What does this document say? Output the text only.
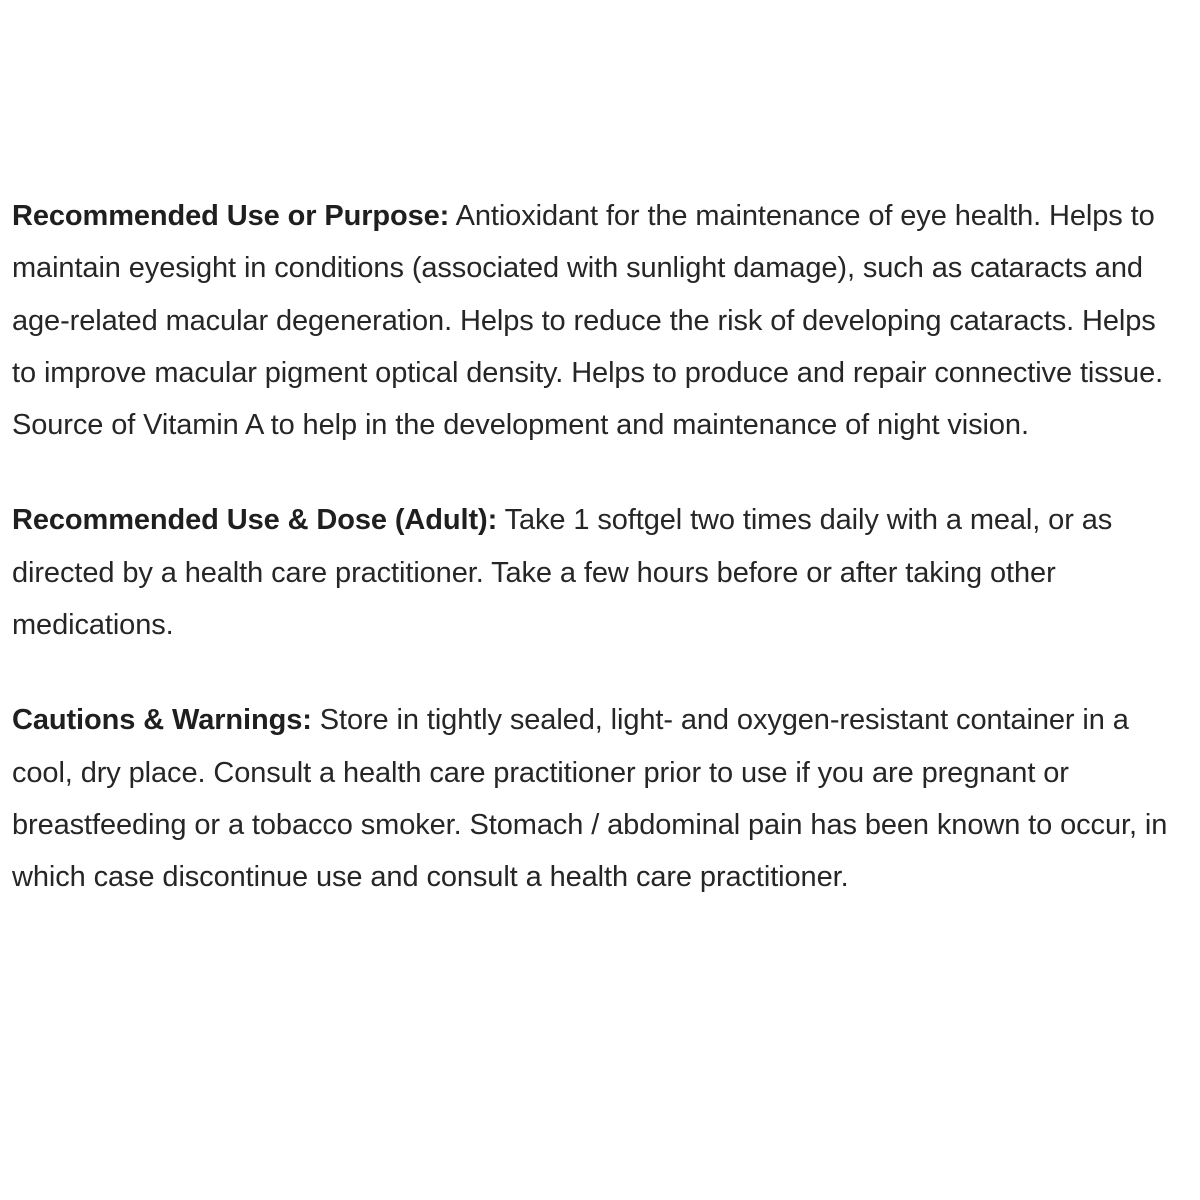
Recommended Use or Purpose: Antioxidant for the maintenance of eye health. Helps to maintain eyesight in conditions (associated with sunlight damage), such as cataracts and age-related macular degeneration. Helps to reduce the risk of developing cataracts. Helps to improve macular pigment optical density. Helps to produce and repair connective tissue. Source of Vitamin A to help in the development and maintenance of night vision.

Recommended Use & Dose (Adult): Take 1 softgel two times daily with a meal, or as directed by a health care practitioner. Take a few hours before or after taking other medications.

Cautions & Warnings: Store in tightly sealed, light- and oxygen-resistant container in a cool, dry place. Consult a health care practitioner prior to use if you are pregnant or breastfeeding or a tobacco smoker. Stomach / abdominal pain has been known to occur, in which case discontinue use and consult a health care practitioner.
